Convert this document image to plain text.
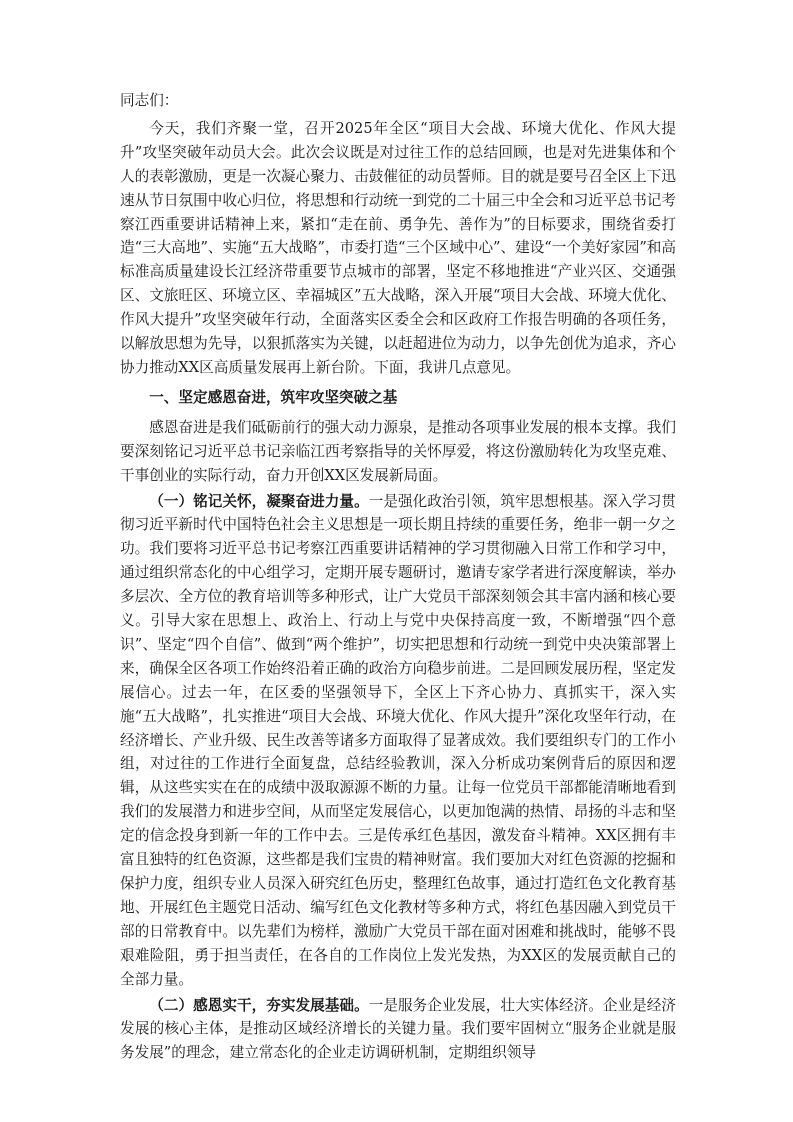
同志们：

今天，我们齐聚一堂，召开2025年全区“项目大会战、环境大优化、作风大提升”攻坚突破年动员大会。此次会议既是对过往工作的总结回顾，也是对先进集体和个人的表彰激励，更是一次凝心聚力、击鼓催征的动员誓师。目的就是要号召全区上下迅速从节日氛围中收心归位，将思想和行动统一到党的二十届三中全会和习近平总书记考察江西重要讲话精神上来，紧扣“走在前、勇争先、善作为”的目标要求，围绕省委打造“三大高地”、实施“五大战略”，市委打造“三个区域中心”、建设“一个美好家园”和高标准高质量建设长江经济带重要节点城市的部署，坚定不移地推进“产业兴区、交通强区、文旅旺区、环境立区、幸福城区”五大战略，深入开展“项目大会战、环境大优化、作风大提升”攻坚突破年行动，全面落实区委全会和区政府工作报告明确的各项任务，以解放思想为先导，以狠抓落实为关键，以赶超进位为动力，以争先创优为追求，齐心协力推动XX区高质量发展再上新台阶。下面，我讲几点意见。

一、坚定感恩奋进，筑牢攻坚突破之基

感恩奋进是我们砥砺前行的强大动力源泉，是推动各项事业发展的根本支撑。我们要深刻铭记习近平总书记亲临江西考察指导的关怀厚爱，将这份激励转化为攻坚克难、干事创业的实际行动，奋力开创XX区发展新局面。

（一）铭记关怀，凝聚奋进力量。一是强化政治引领，筑牢思想根基。深入学习贯彻习近平新时代中国特色社会主义思想是一项长期且持续的重要任务，绝非一朝一夕之功。我们要将习近平总书记考察江西重要讲话精神的学习贯彻融入日常工作和学习中，通过组织常态化的中心组学习，定期开展专题研讨，邀请专家学者进行深度解读，举办多层次、全方位的教育培训等多种形式，让广大党员干部深刻领会其丰富内涵和核心要义。引导大家在思想上、政治上、行动上与党中央保持高度一致，不断增强“四个意识”、坚定“四个自信”、做到“两个维护”，切实把思想和行动统一到党中央决策部署上来，确保全区各项工作始终沿着正确的政治方向稳步前进。二是回顾发展历程，坚定发展信心。过去一年，在区委的坚强领导下，全区上下齐心协力、真抓实干，深入实施“五大战略”，扎实推进“项目大会战、环境大优化、作风大提升”深化攻坚年行动，在经济增长、产业升级、民生改善等诸多方面取得了显著成效。我们要组织专门的工作小组，对过往的工作进行全面复盘，总结经验教训，深入分析成功案例背后的原因和逻辑，从这些实实在在的成绩中汲取源源不断的力量。让每一位党员干部都能清晰地看到我们的发展潜力和进步空间，从而坚定发展信心，以更加饱满的热情、昂扬的斗志和坚定的信念投身到新一年的工作中去。三是传承红色基因，激发奋斗精神。XX区拥有丰富且独特的红色资源，这些都是我们宝贵的精神财富。我们要加大对红色资源的挖掘和保护力度，组织专业人员深入研究红色历史，整理红色故事，通过打造红色文化教育基地、开展红色主题党日活动、编写红色文化教材等多种方式，将红色基因融入到党员干部的日常教育中。以先辈们为榜样，激励广大党员干部在面对困难和挑战时，能够不畏艰难险阻，勇于担当责任，在各自的工作岗位上发光发热，为XX区的发展贡献自己的全部力量。

（二）感恩实干，夯实发展基础。一是服务企业发展，壮大实体经济。企业是经济发展的核心主体，是推动区域经济增长的关键力量。我们要牢固树立“服务企业就是服务发展”的理念，建立常态化的企业走访调研机制，定期组织领导
